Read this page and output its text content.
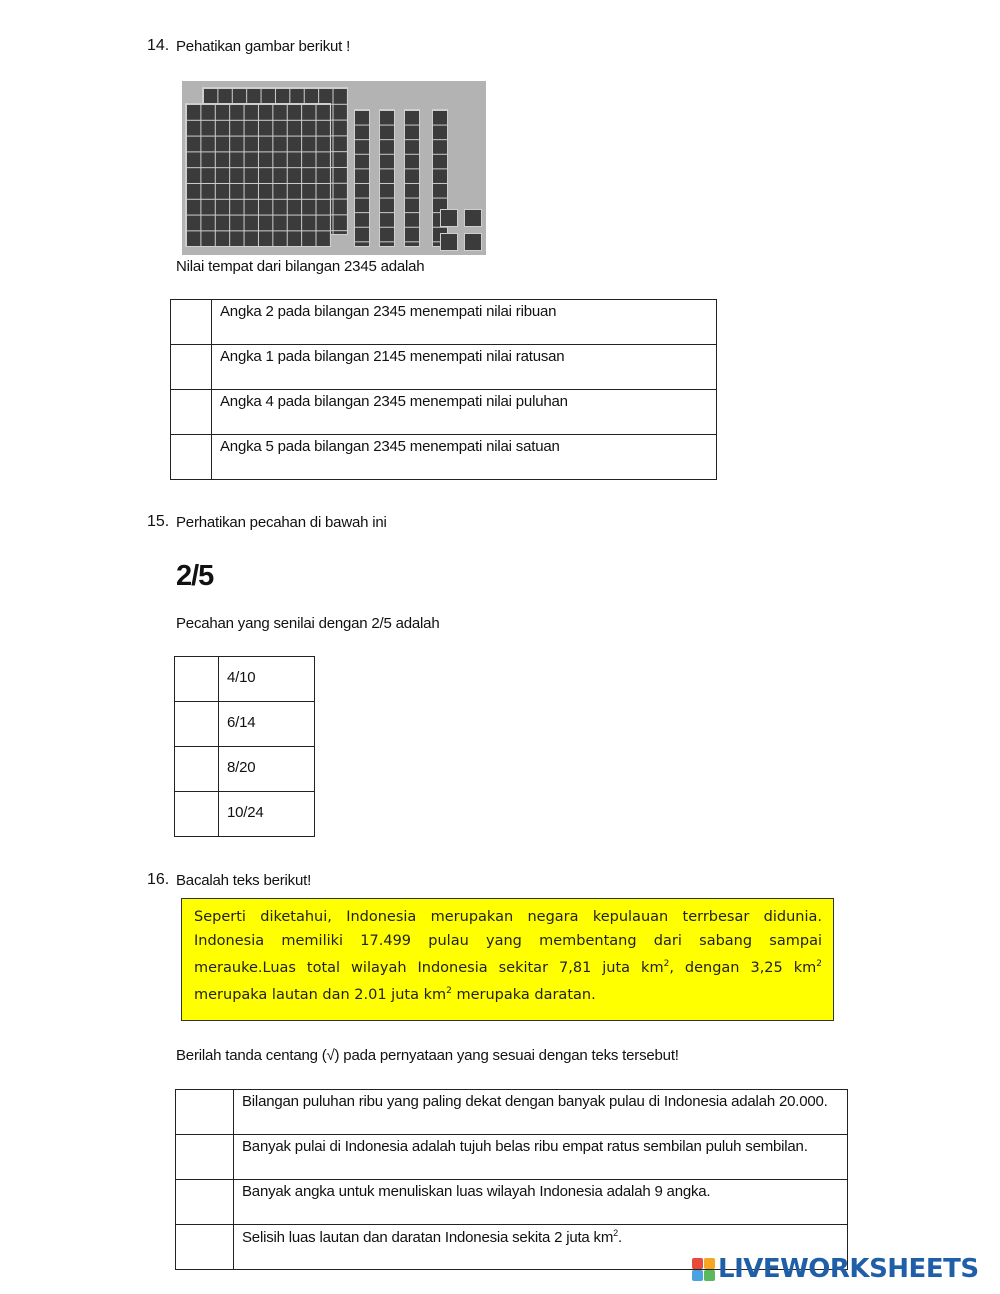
14. Pehatikan gambar berikut !
Nilai tempat dari bilangan 2345 adalah
	Angka 2 pada bilangan 2345 menempati nilai ribuan
	Angka 1 pada bilangan 2145 menempati nilai ratusan
	Angka 4 pada bilangan 2345 menempati nilai puluhan
	Angka 5 pada bilangan 2345 menempati nilai satuan
15. Perhatikan pecahan di bawah ini
2/5
Pecahan yang senilai dengan 2/5 adalah
	4/10
	6/14
	8/20
	10/24
16. Bacalah teks berikut!
Seperti diketahui, Indonesia merupakan negara kepulauan terrbesar didunia. Indonesia memiliki 17.499 pulau yang membentang dari sabang sampai merauke.Luas total wilayah Indonesia sekitar 7,81 juta $km^2$, dengan 3,25 $km^2$ merupaka lautan dan 2.01 juta $km^2$ merupaka daratan.
Berilah tanda centang (√) pada pernyataan yang sesuai dengan teks tersebut!
	Bilangan puluhan ribu yang paling dekat dengan banyak pulau di Indonesia adalah 20.000.
	Banyak pulai di Indonesia adalah tujuh belas ribu empat ratus sembilan puluh sembilan.
	Banyak angka untuk menuliskan luas wilayah Indonesia adalah 9 angka.
	Selisih luas lautan dan daratan Indonesia sekita 2 juta $km^2$.
LIVEWORKSHEETS
